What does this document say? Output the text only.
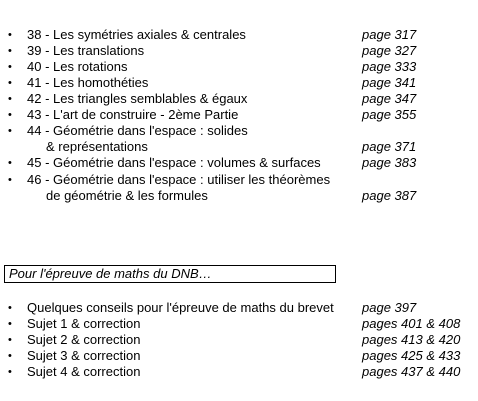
• 38 - Les symétries axiales & centrales	page 317
• 39 - Les translations	page 327
• 40 - Les rotations	page 333
• 41 - Les homothéties	page 341
• 42 - Les triangles semblables & égaux	page 347
• 43 - L'art de construire - 2ème Partie	page 355
• 44 - Géométrie dans l'espace : solides
& représentations	page 371
• 45 - Géométrie dans l'espace : volumes & surfaces	page 383
• 46 - Géométrie dans l'espace : utiliser les théorèmes
de géométrie & les formules	page 387
Pour l'épreuve de maths du DNB…
• Quelques conseils pour l'épreuve de maths du brevet page 397
• Sujet 1 & correction	pages 401 & 408
• Sujet 2 & correction	pages 413 & 420
• Sujet 3 & correction	pages 425 & 433
• Sujet 4 & correction	pages 437 & 440
